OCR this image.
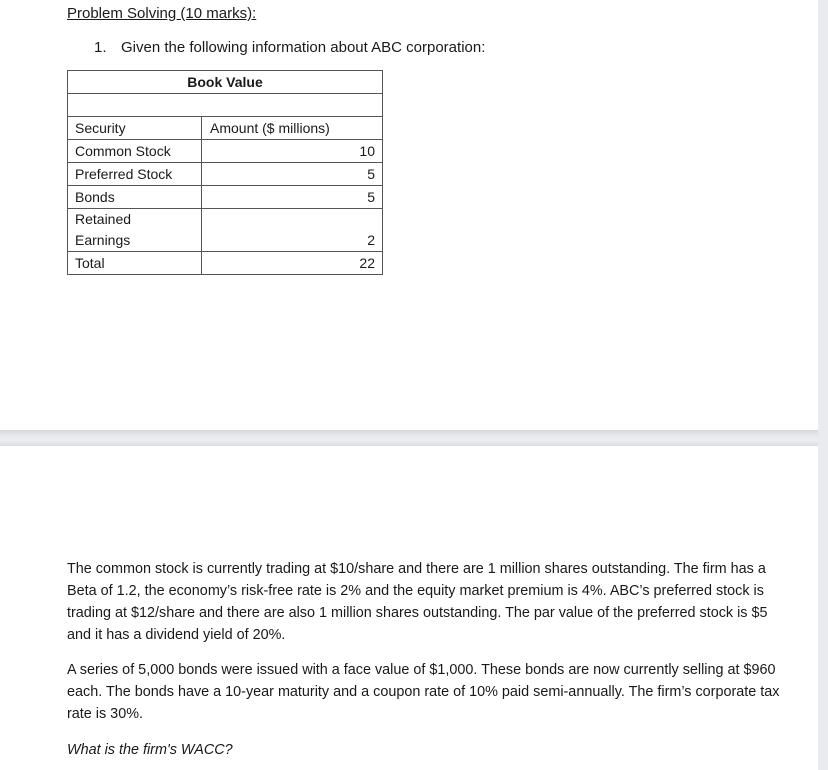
Problem Solving (10 marks):
1. Given the following information about ABC corporation:
Book Value	

Security	Amount ($ millions)
Common Stock	10
Preferred Stock	5
Bonds	5

Retained
Earnings	2
Total	22

The common stock is currently trading at $10/share and there are 1 million shares outstanding. The firm has a Beta of 1.2, the economy’s risk-free rate is 2% and the equity market premium is 4%. ABC’s preferred stock is trading at $12/share and there are also 1 million shares outstanding. The par value of the preferred stock is $5 and it has a dividend yield of 20%.

A series of 5,000 bonds were issued with a face value of $1,000. These bonds are now currently selling at $960 each. The bonds have a 10-year maturity and a coupon rate of 10% paid semi-annually. The firm’s corporate tax rate is 30%.

What is the firm's WACC?
